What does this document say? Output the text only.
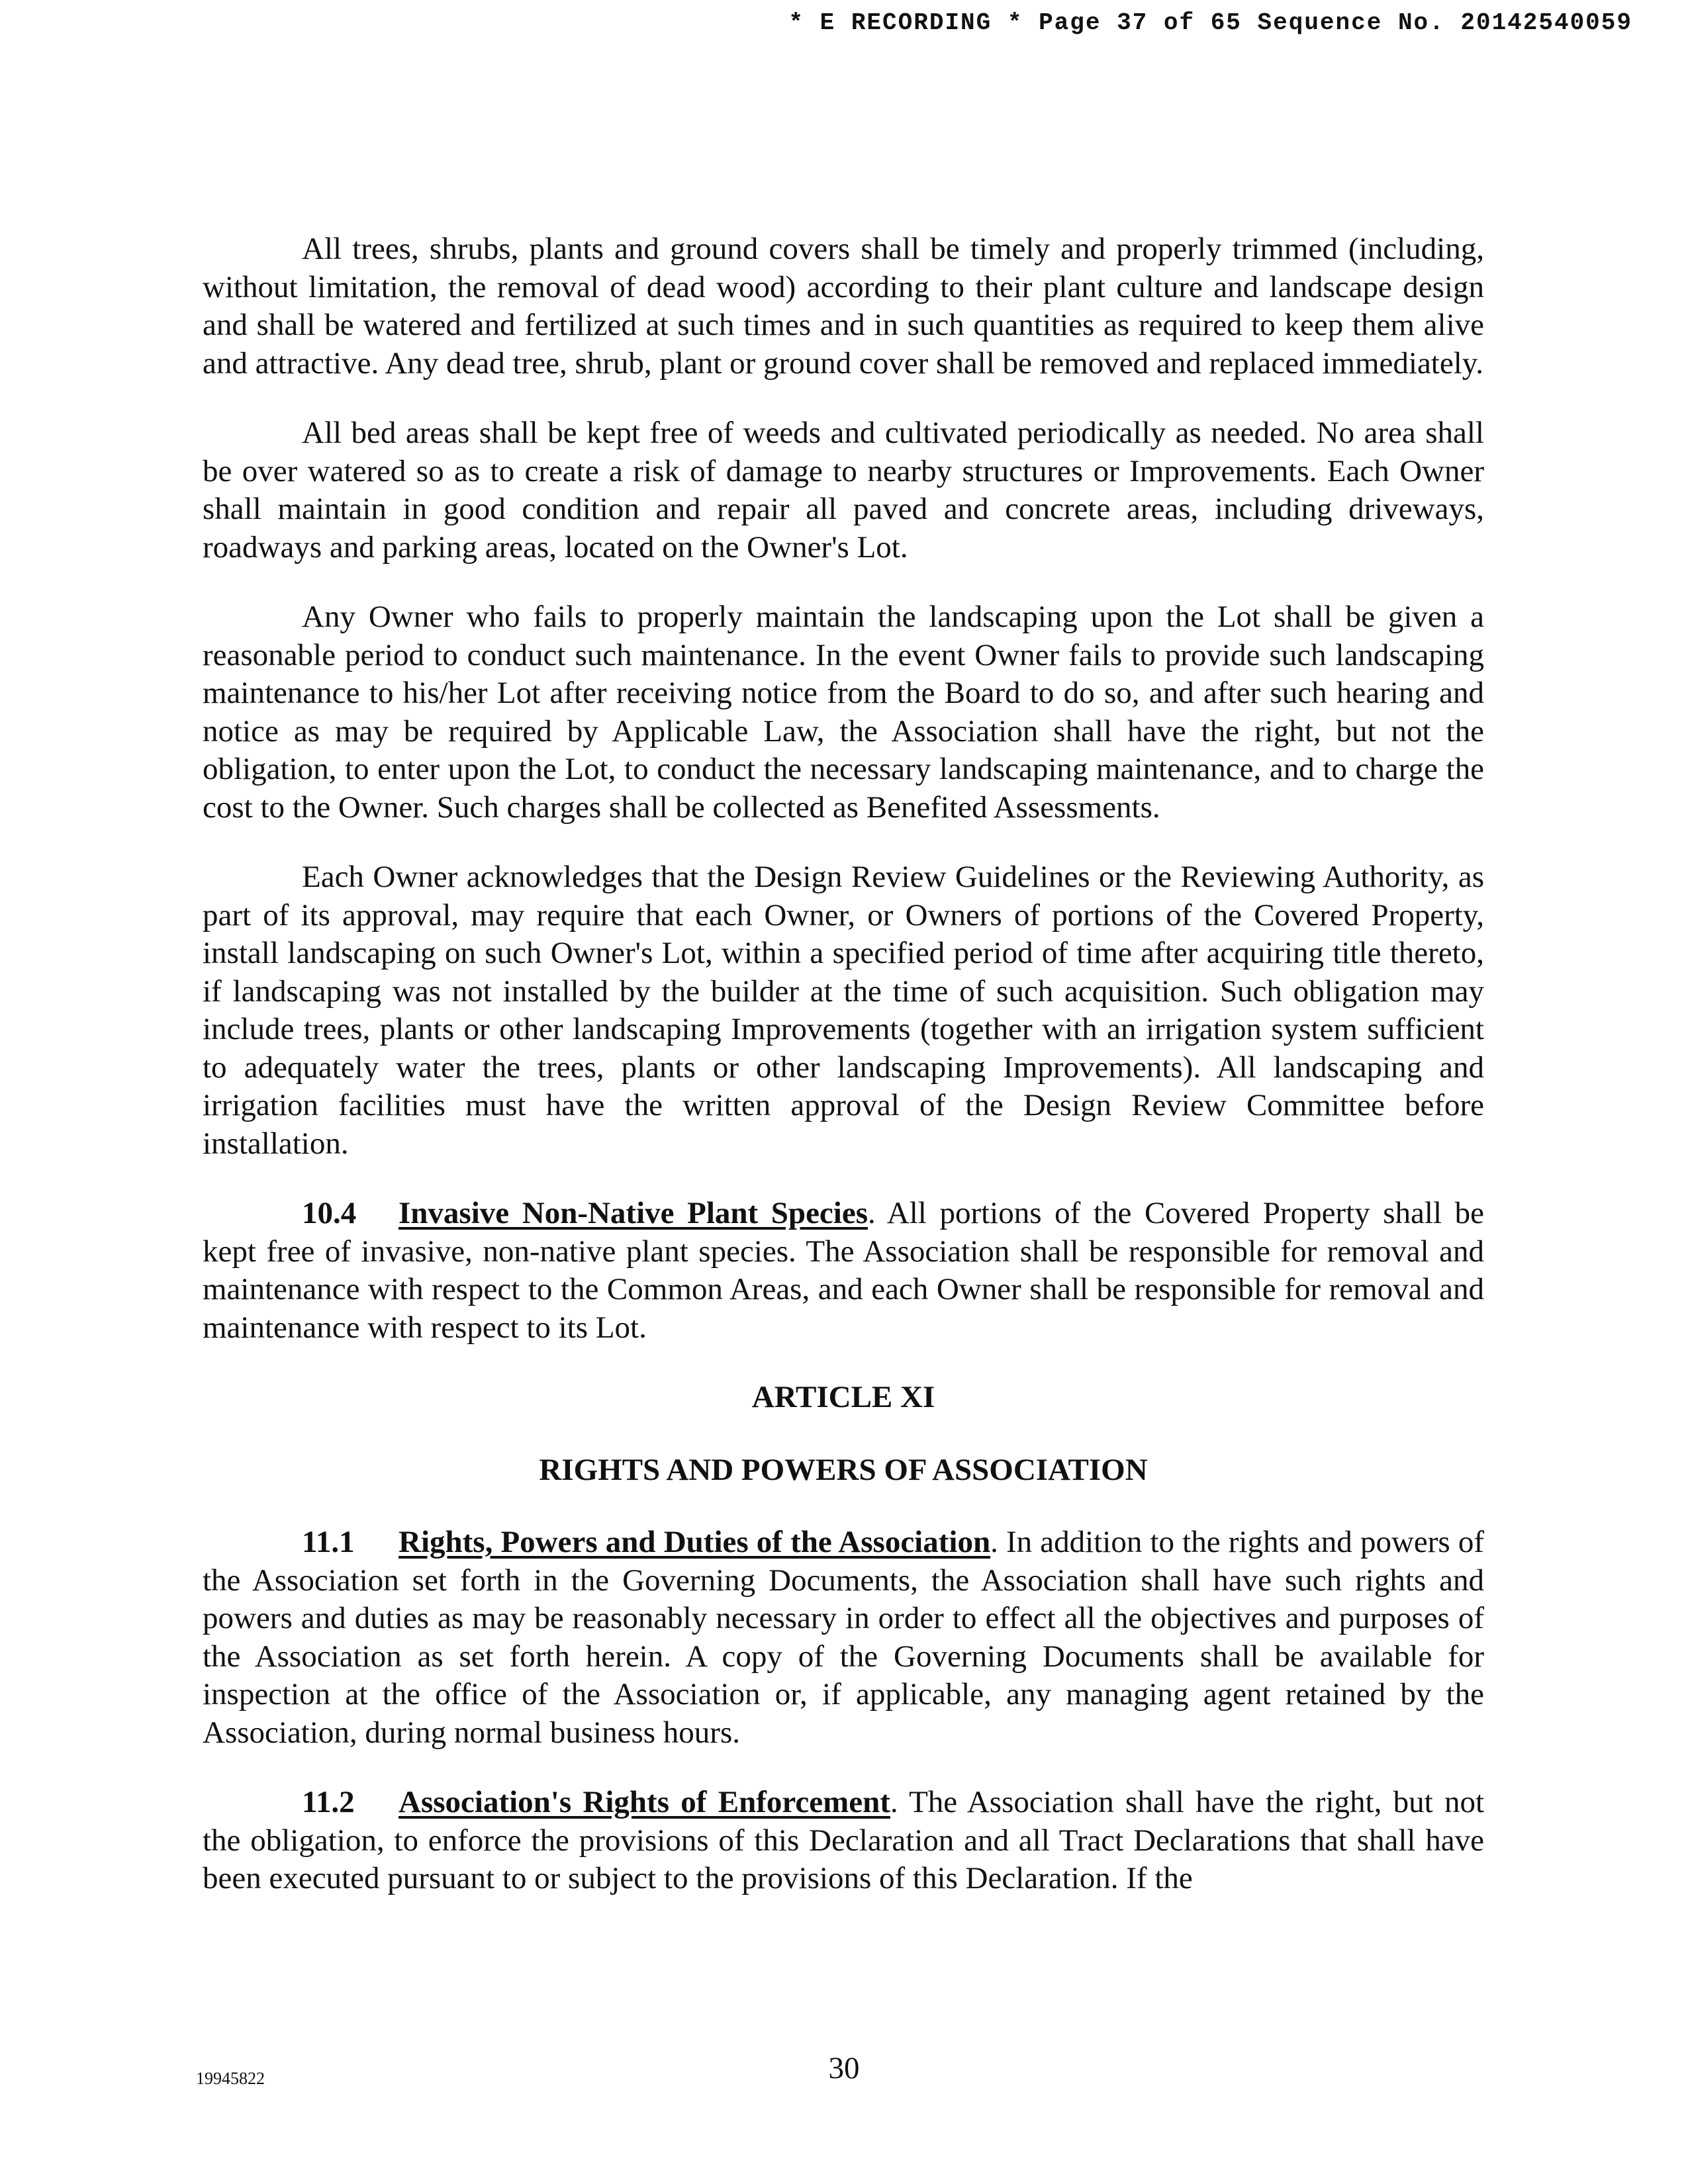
* E RECORDING * Page 37 of 65 Sequence No. 20142540059

All trees, shrubs, plants and ground covers shall be timely and properly trimmed (including, without limitation, the removal of dead wood) according to their plant culture and landscape design and shall be watered and fertilized at such times and in such quantities as required to keep them alive and attractive. Any dead tree, shrub, plant or ground cover shall be removed and replaced immediately.

All bed areas shall be kept free of weeds and cultivated periodically as needed. No area shall be over watered so as to create a risk of damage to nearby structures or Improvements. Each Owner shall maintain in good condition and repair all paved and concrete areas, including driveways, roadways and parking areas, located on the Owner's Lot.

Any Owner who fails to properly maintain the landscaping upon the Lot shall be given a reasonable period to conduct such maintenance. In the event Owner fails to provide such landscaping maintenance to his/her Lot after receiving notice from the Board to do so, and after such hearing and notice as may be required by Applicable Law, the Association shall have the right, but not the obligation, to enter upon the Lot, to conduct the necessary landscaping maintenance, and to charge the cost to the Owner. Such charges shall be collected as Benefited Assessments.

Each Owner acknowledges that the Design Review Guidelines or the Reviewing Authority, as part of its approval, may require that each Owner, or Owners of portions of the Covered Property, install landscaping on such Owner's Lot, within a specified period of time after acquiring title thereto, if landscaping was not installed by the builder at the time of such acquisition. Such obligation may include trees, plants or other landscaping Improvements (together with an irrigation system sufficient to adequately water the trees, plants or other landscaping Improvements). All landscaping and irrigation facilities must have the written approval of the Design Review Committee before installation.

10.4 Invasive Non-Native Plant Species. All portions of the Covered Property shall be kept free of invasive, non-native plant species. The Association shall be responsible for removal and maintenance with respect to the Common Areas, and each Owner shall be responsible for removal and maintenance with respect to its Lot.

ARTICLE XI
RIGHTS AND POWERS OF ASSOCIATION

11.1 Rights, Powers and Duties of the Association. In addition to the rights and powers of the Association set forth in the Governing Documents, the Association shall have such rights and powers and duties as may be reasonably necessary in order to effect all the objectives and purposes of the Association as set forth herein. A copy of the Governing Documents shall be available for inspection at the office of the Association or, if applicable, any managing agent retained by the Association, during normal business hours.

11.2 Association's Rights of Enforcement. The Association shall have the right, but not the obligation, to enforce the provisions of this Declaration and all Tract Declarations that shall have been executed pursuant to or subject to the provisions of this Declaration. If the

19945822	30
